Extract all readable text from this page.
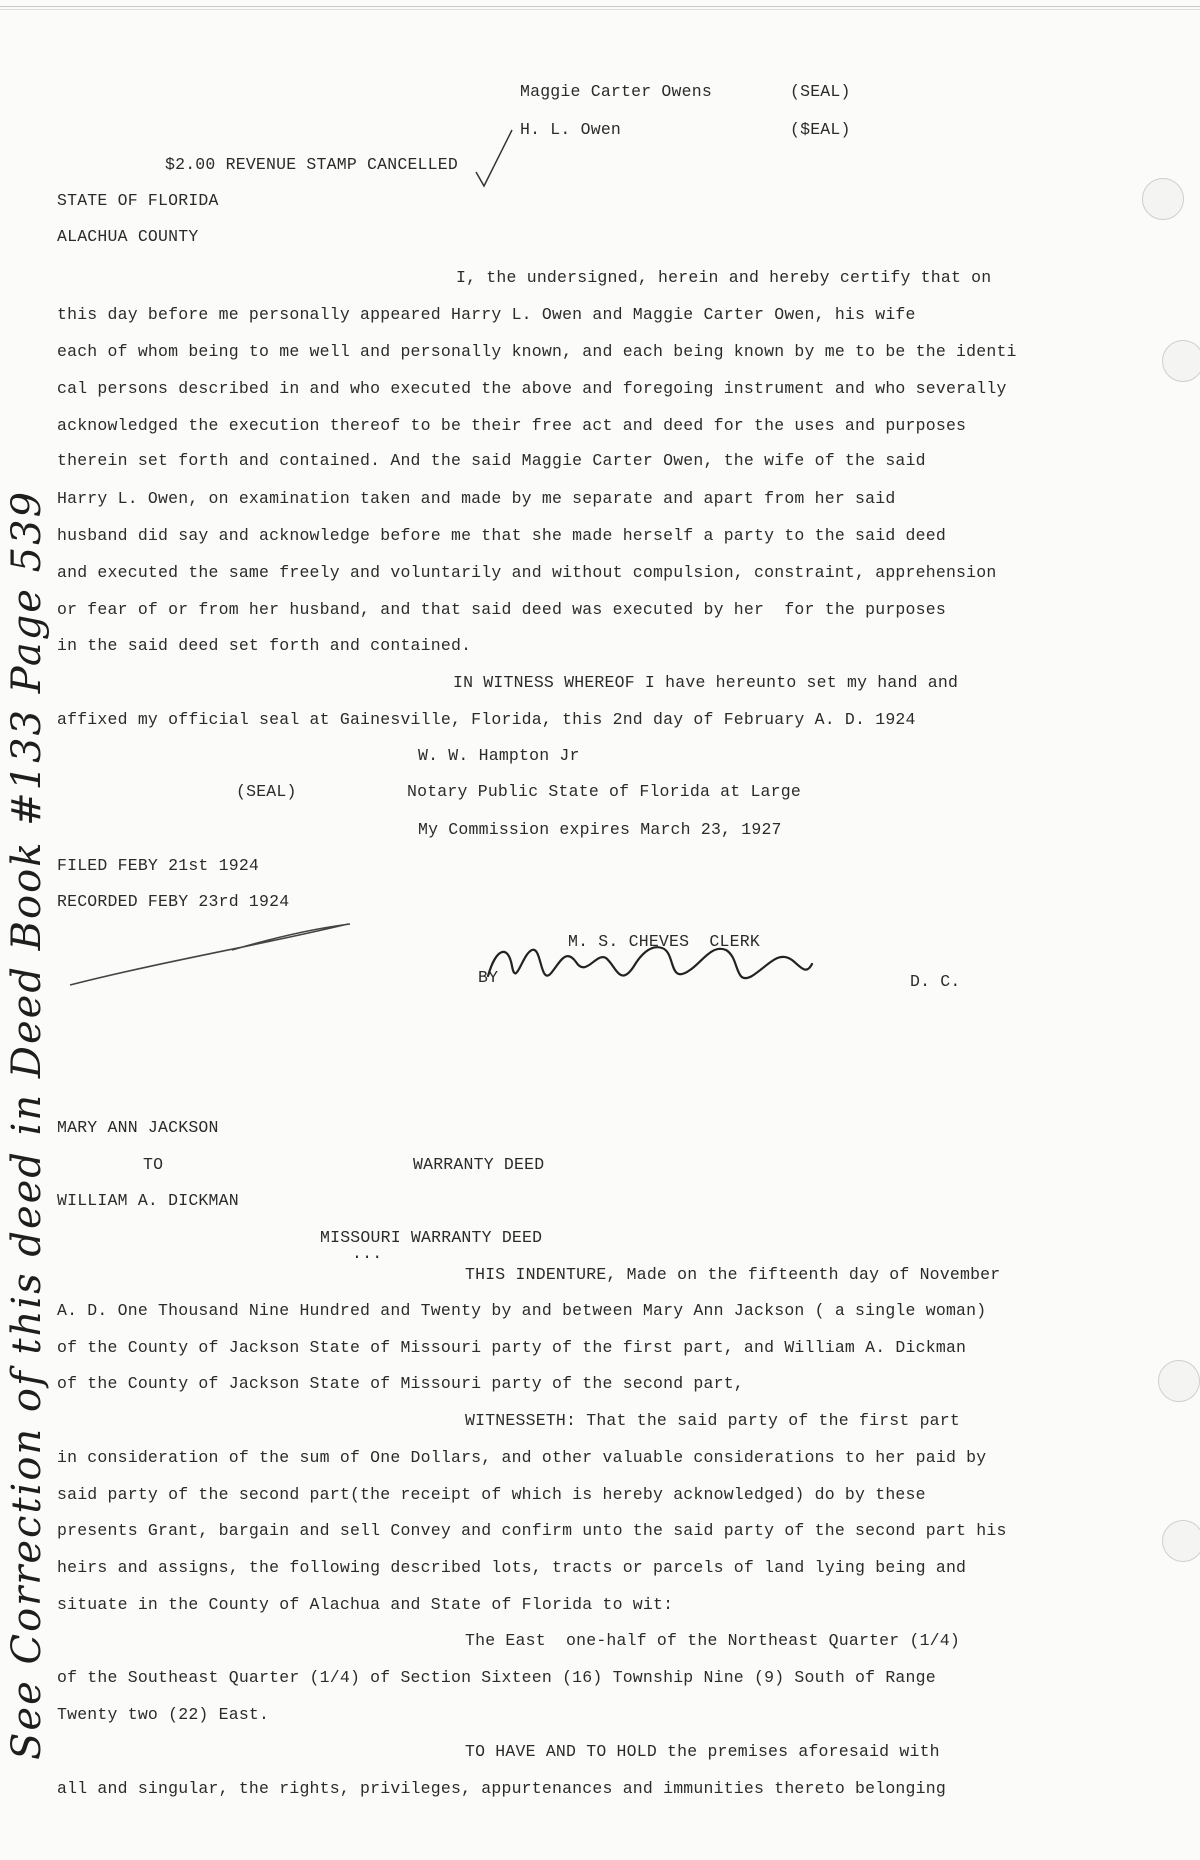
Maggie Carter Owens	(SEAL)
H. L. Owen	($EAL)
$2.00 REVENUE STAMP CANCELLED
STATE OF FLORIDA
ALACHUA COUNTY
I, the undersigned, herein and hereby certify that on
this day before me personally appeared Harry L. Owen and Maggie Carter Owen, his wife
each of whom being to me well and personally known, and each being known by me to be the identi
cal persons described in and who executed the above and foregoing instrument and who severally
acknowledged the execution thereof to be their free act and deed for the uses and purposes
therein set forth and contained. And the said Maggie Carter Owen, the wife of the said
Harry L. Owen, on examination taken and made by me separate and apart from her said
husband did say and acknowledge before me that she made herself a party to the said deed
and executed the same freely and voluntarily and without compulsion, constraint, apprehension
or fear of or from her husband, and that said deed was executed by her  for the purposes
in the said deed set forth and contained.
IN WITNESS WHEREOF I have hereunto set my hand and
affixed my official seal at Gainesville, Florida, this 2nd day of February A. D. 1924
W. W. Hampton Jr
(SEAL)	Notary Public State of Florida at Large
My Commission expires March 23, 1927
FILED FEBY 21st 1924
RECORDED FEBY 23rd 1924
M. S. CHEVES  CLERK
BY	D. C.
MARY ANN JACKSON
TO	WARRANTY DEED
WILLIAM A. DICKMAN
MISSOURI WARRANTY DEED
...
THIS INDENTURE, Made on the fifteenth day of November
A. D. One Thousand Nine Hundred and Twenty by and between Mary Ann Jackson ( a single woman)
of the County of Jackson State of Missouri party of the first part, and William A. Dickman
of the County of Jackson State of Missouri party of the second part,
WITNESSETH: That the said party of the first part
in consideration of the sum of One Dollars, and other valuable considerations to her paid by
said party of the second part(the receipt of which is hereby acknowledged) do by these
presents Grant, bargain and sell Convey and confirm unto the said party of the second part his
heirs and assigns, the following described lots, tracts or parcels of land lying being and
situate in the County of Alachua and State of Florida to wit:
The East  one-half of the Northeast Quarter (1/4)
of the Southeast Quarter (1/4) of Section Sixteen (16) Township Nine (9) South of Range
Twenty two (22) East.
TO HAVE AND TO HOLD the premises aforesaid with
all and singular, the rights, privileges, appurtenances and immunities thereto belonging
See Correction of this deed in Deed Book #133 Page 539
